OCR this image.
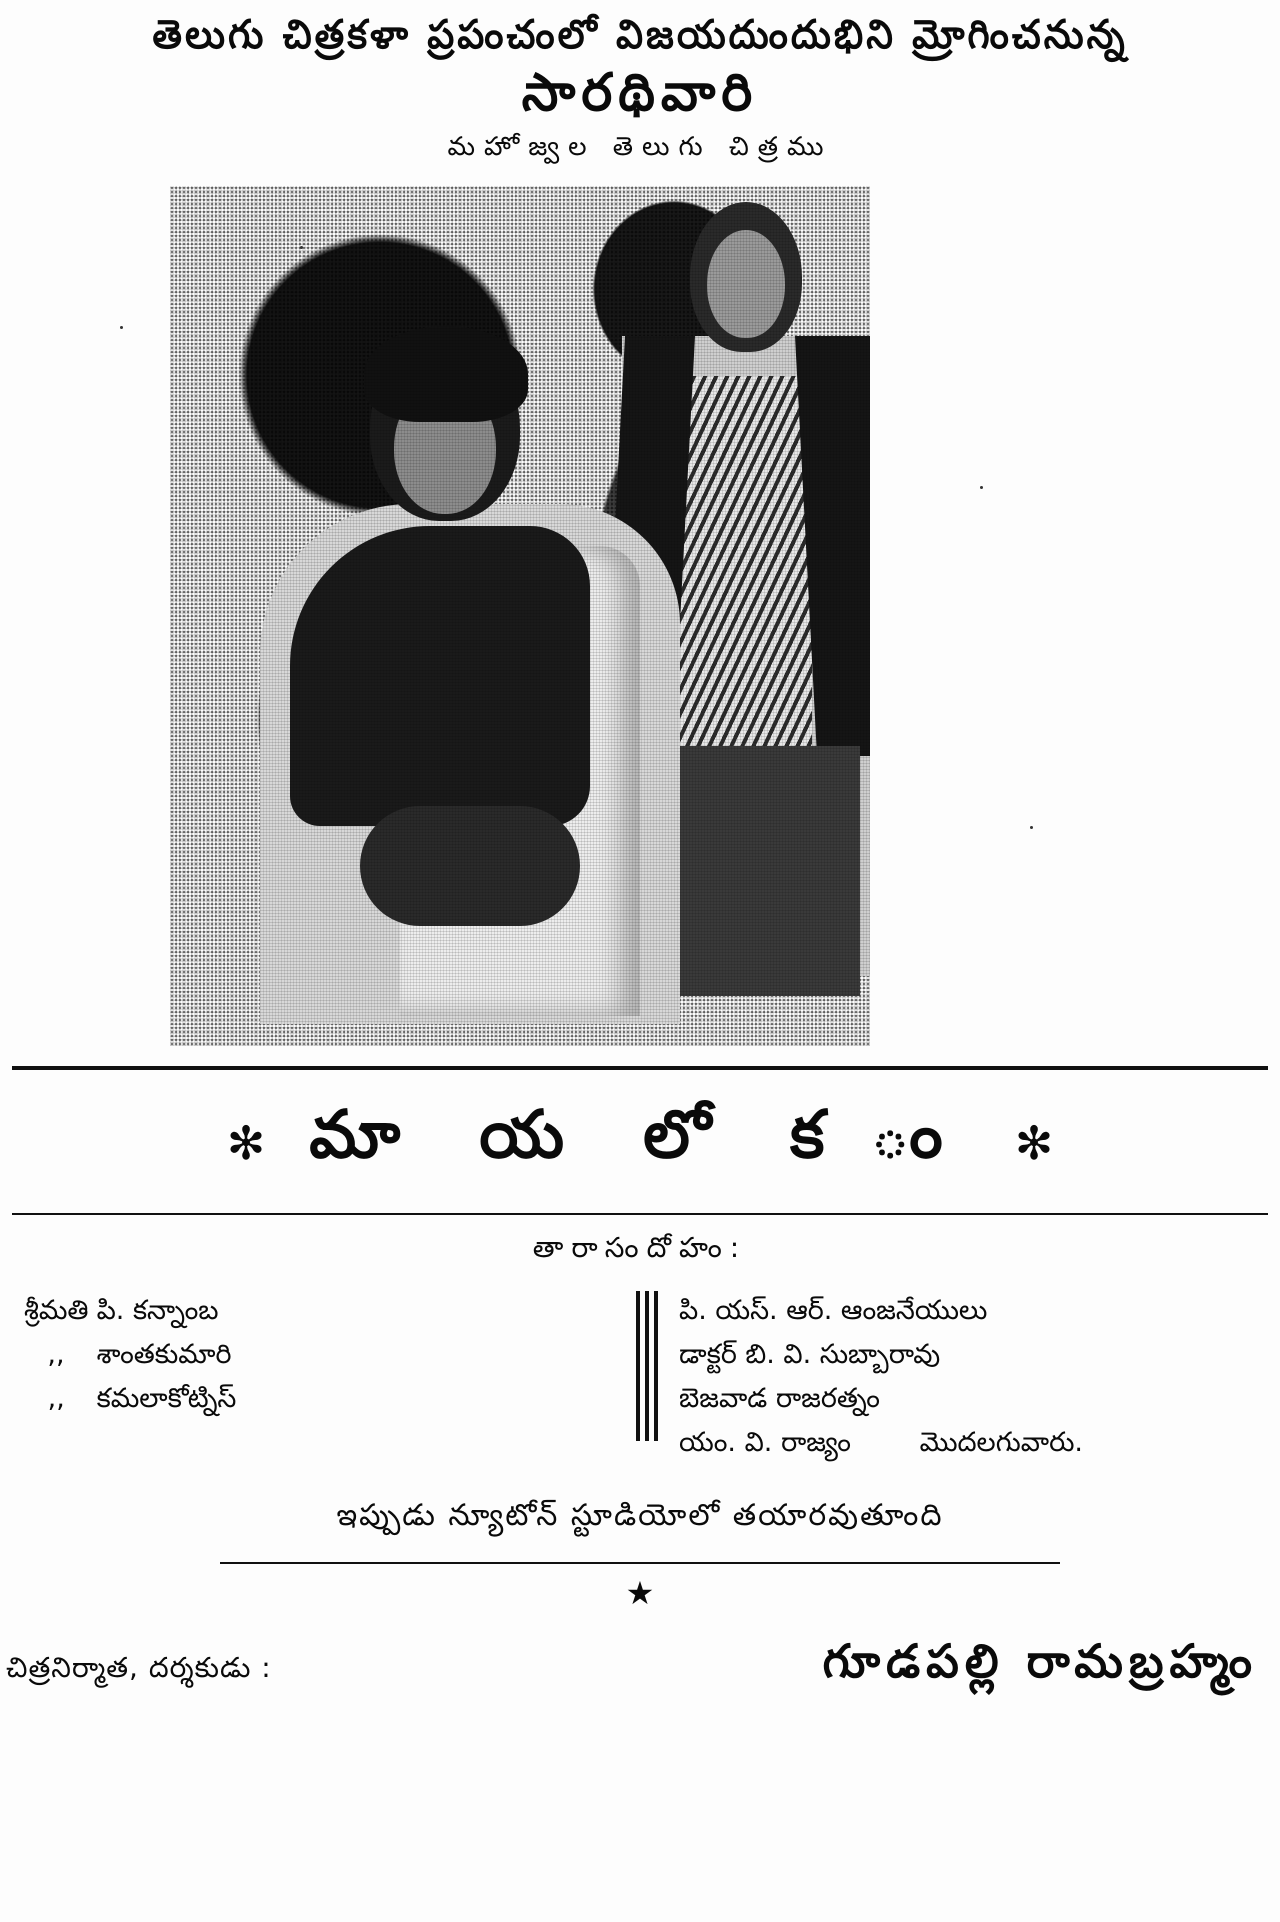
తెలుగు చిత్రకళా ప్రపంచంలో విజయదుందుభిని మ్రోగించనున్న
సారథివారి
మహోజ్వల తెలుగు చిత్రము
✻ మా య లో క ం ✻
తారాసందోహం:
శ్రీమతి పి. కన్నాంబ
,, శాంతకుమారి
‚‚ కమలాకోట్నిస్
పి. యస్. ఆర్. ఆంజనేయులు
డాక్టర్ బి. వి. సుబ్బారావు
బెజవాడ రాజరత్నం
యం. వి. రాజ్యం	మొదలగువారు.
ఇప్పుడు న్యూటోన్ స్టూడియోలో తయారవుతూంది
★
చిత్రనిర్మాత, దర్శకుడు :	గూడపల్లి రామబ్రహ్మం
